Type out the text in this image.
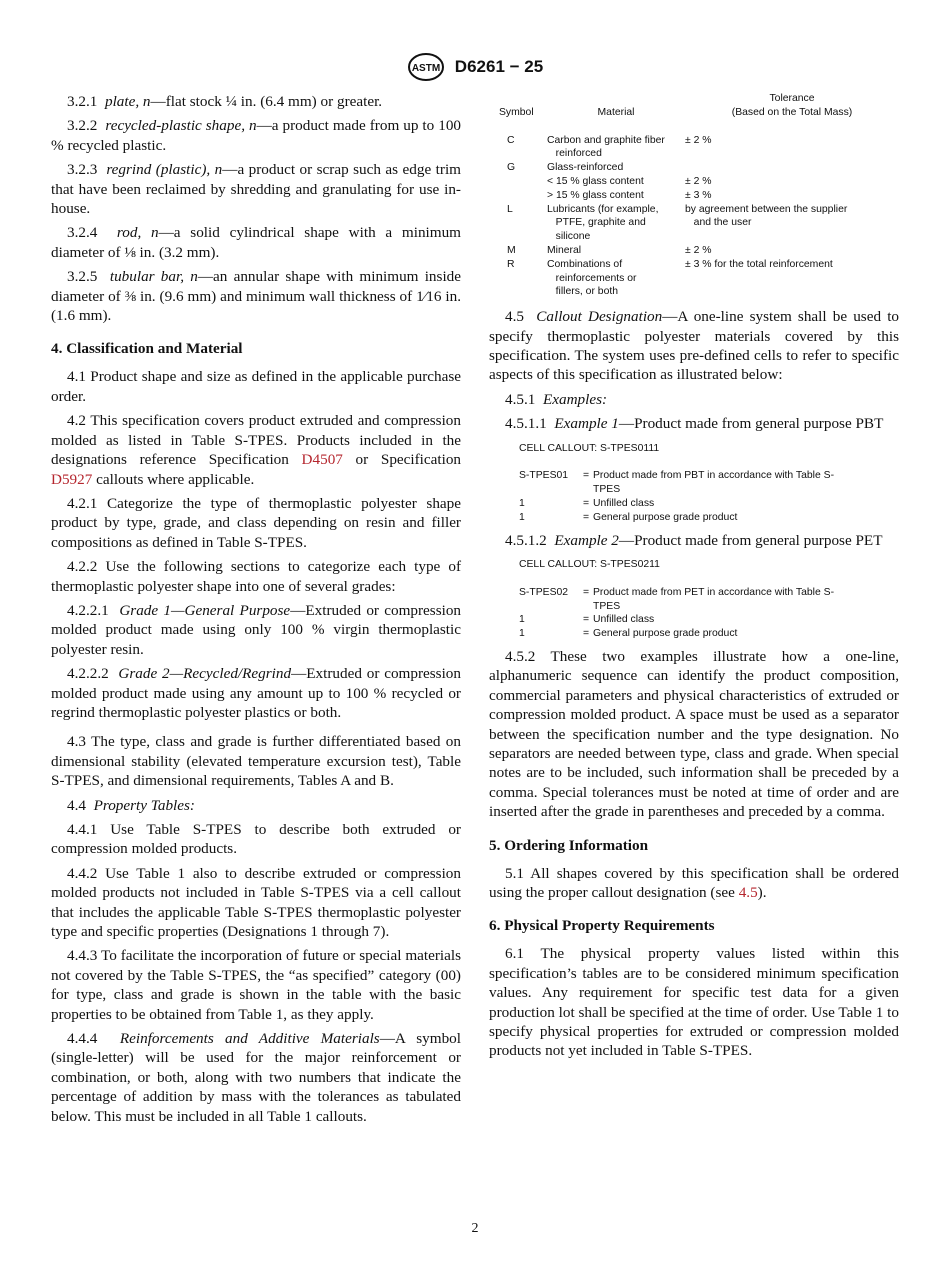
ASTM D6261 − 25

3.2.1 plate, n—flat stock ¼ in. (6.4 mm) or greater.

3.2.2 recycled-plastic shape, n—a product made from up to 100 % recycled plastic.

3.2.3 regrind (plastic), n—a product or scrap such as edge trim that have been reclaimed by shredding and granulating for use in-house.

3.2.4 rod, n—a solid cylindrical shape with a minimum diameter of ⅛ in. (3.2 mm).

3.2.5 tubular bar, n—an annular shape with minimum inside diameter of ⅜ in. (9.6 mm) and minimum wall thickness of 1⁄16 in. (1.6 mm).

4. Classification and Material

4.1 Product shape and size as defined in the applicable purchase order.

4.2 This specification covers product extruded and compression molded as listed in Table S-TPES. Products included in the designations reference Specification D4507 or Specification D5927 callouts where applicable.

4.2.1 Categorize the type of thermoplastic polyester shape product by type, grade, and class depending on resin and filler compositions as defined in Table S-TPES.

4.2.2 Use the following sections to categorize each type of thermoplastic polyester shape into one of several grades:

4.2.2.1 Grade 1—General Purpose—Extruded or compression molded product made using only 100 % virgin thermoplastic polyester resin.

4.2.2.2 Grade 2—Recycled/Regrind—Extruded or compression molded product made using any amount up to 100 % recycled or regrind thermoplastic polyester plastics or both.

4.3 The type, class and grade is further differentiated based on dimensional stability (elevated temperature excursion test), Table S-TPES, and dimensional requirements, Tables A and B.

4.4 Property Tables:

4.4.1 Use Table S-TPES to describe both extruded or compression molded products.

4.4.2 Use Table 1 also to describe extruded or compression molded products not included in Table S-TPES via a cell callout that includes the applicable Table S-TPES thermoplastic polyester type and specific properties (Designations 1 through 7).

4.4.3 To facilitate the incorporation of future or special materials not covered by the Table S-TPES, the “as specified” category (00) for type, class and grade is shown in the table with the basic properties to be obtained from Table 1, as they apply.

4.4.4 Reinforcements and Additive Materials—A symbol (single-letter) will be used for the major reinforcement or combination, or both, along with two numbers that indicate the percentage of addition by mass with the tolerances as tabulated below. This must be included in all Table 1 callouts.

		Tolerance
Symbol	Material	(Based on the Total Mass)

C	Carbon and graphite fiber	± 2 %
	reinforced	
G	Glass-reinforced	
	< 15 % glass content	± 2 %
	> 15 % glass content	± 3 %
L	Lubricants (for example,	by agreement between the supplier
	PTFE, graphite and	and the user
	silicone	
M	Mineral	± 2 %
R	Combinations of	± 3 % for the total reinforcement
	reinforcements or	
	fillers, or both	

4.5 Callout Designation—A one-line system shall be used to specify thermoplastic polyester materials covered by this specification. The system uses pre-defined cells to refer to specific aspects of this specification as illustrated below:

4.5.1 Examples:

4.5.1.1 Example 1—Product made from general purpose PBT

CELL CALLOUT: S-TPES0111
S-TPES01	= Product made from PBT in accordance with Table S-TPES
1	= Unfilled class
1	= General purpose grade product

4.5.1.2 Example 2—Product made from general purpose PET

CELL CALLOUT: S-TPES0211
S-TPES02	= Product made from PET in accordance with Table S-TPES
1	= Unfilled class
1	= General purpose grade product

4.5.2 These two examples illustrate how a one-line, alphanumeric sequence can identify the product composition, commercial parameters and physical characteristics of extruded or compression molded product. A space must be used as a separator between the specification number and the type designation. No separators are needed between type, class and grade. When special notes are to be included, such information shall be preceded by a comma. Special tolerances must be noted at time of order and are inserted after the grade in parentheses and preceded by a comma.

5. Ordering Information

5.1 All shapes covered by this specification shall be ordered using the proper callout designation (see 4.5).

6. Physical Property Requirements

6.1 The physical property values listed within this specification’s tables are to be considered minimum specification values. Any requirement for specific test data for a given production lot shall be specified at the time of order. Use Table 1 to specify physical properties for extruded or compression molded products not yet included in Table S-TPES.

2
